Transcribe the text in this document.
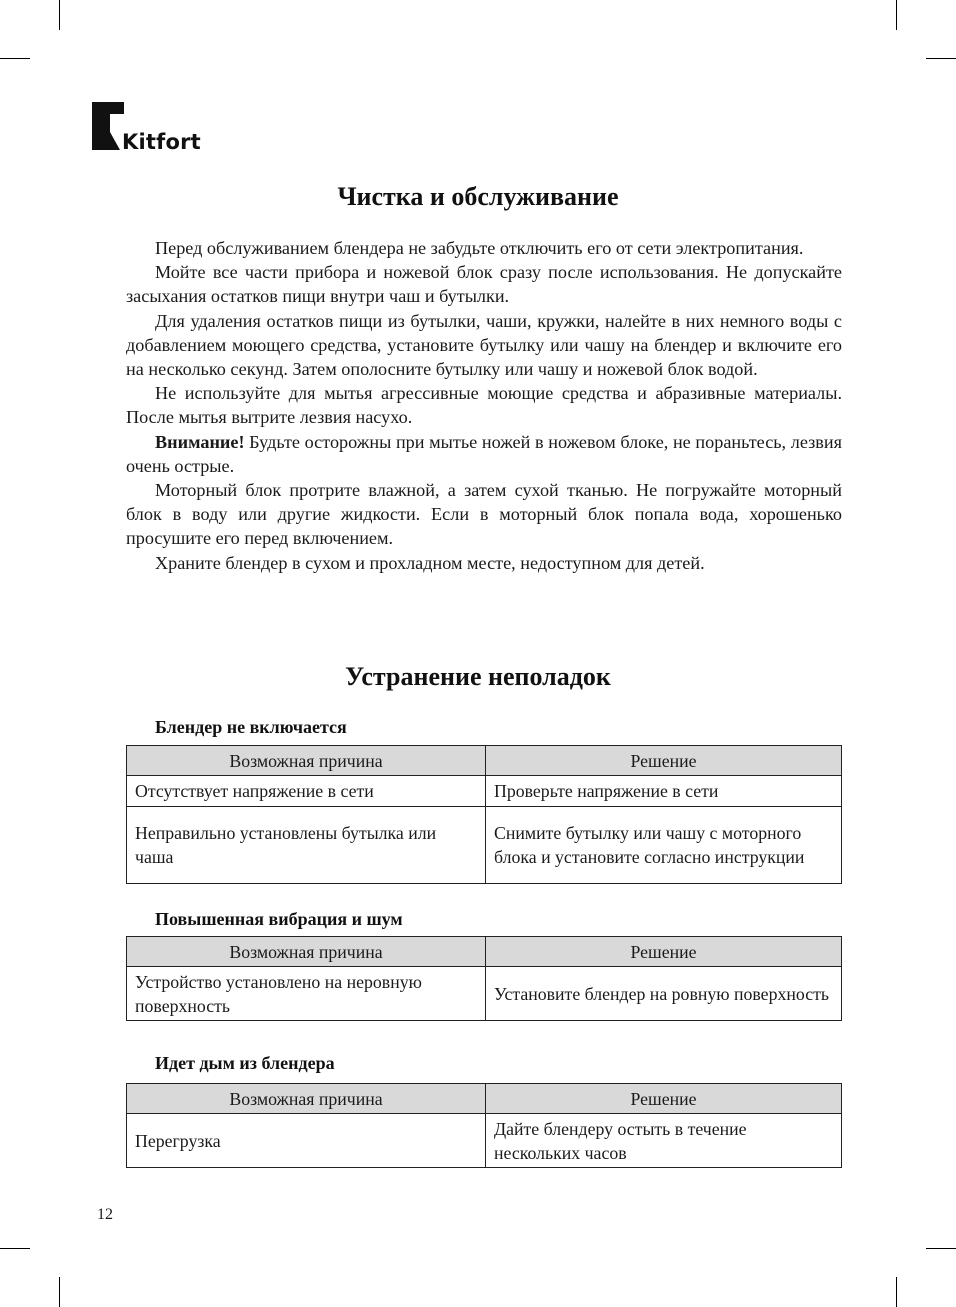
Kitfort
Чистка и обслуживание

Перед обслуживанием блендера не забудьте отключить его от сети электропитания.

Мойте все части прибора и ножевой блок сразу после использования. Не допускайте засыхания остатков пищи внутри чаш и бутылки.

Для удаления остатков пищи из бутылки, чаши, кружки, налейте в них немного воды с добавлением моющего средства, установите бутылку или чашу на блендер и включите его на несколько секунд. Затем ополосните бутылку или чашу и ножевой блок водой.

Не используйте для мытья агрессивные моющие средства и абразивные материалы. После мытья вытрите лезвия насухо.

Внимание! Будьте осторожны при мытье ножей в ножевом блоке, не пораньтесь, лезвия очень острые.

Моторный блок протрите влажной, а затем сухой тканью. Не погружайте моторный блок в воду или другие жидкости. Если в моторный блок попала вода, хорошенько просушите его перед включением.

Храните блендер в сухом и прохладном месте, недоступном для детей.

Устранение неполадок
Блендер не включается
Возможная причина	Решение
Отсутствует напряжение в сети	Проверьте напряжение в сети
Неправильно установлены бутылка или чаша	Снимите бутылку или чашу с моторного блока и установите согласно инструкции
Повышенная вибрация и шум
Возможная причина	Решение
Устройство установлено на неровную поверхность	Установите блендер на ровную поверхность
Идет дым из блендера
Возможная причина	Решение
Перегрузка	Дайте блендеру остыть в течение нескольких часов
12
